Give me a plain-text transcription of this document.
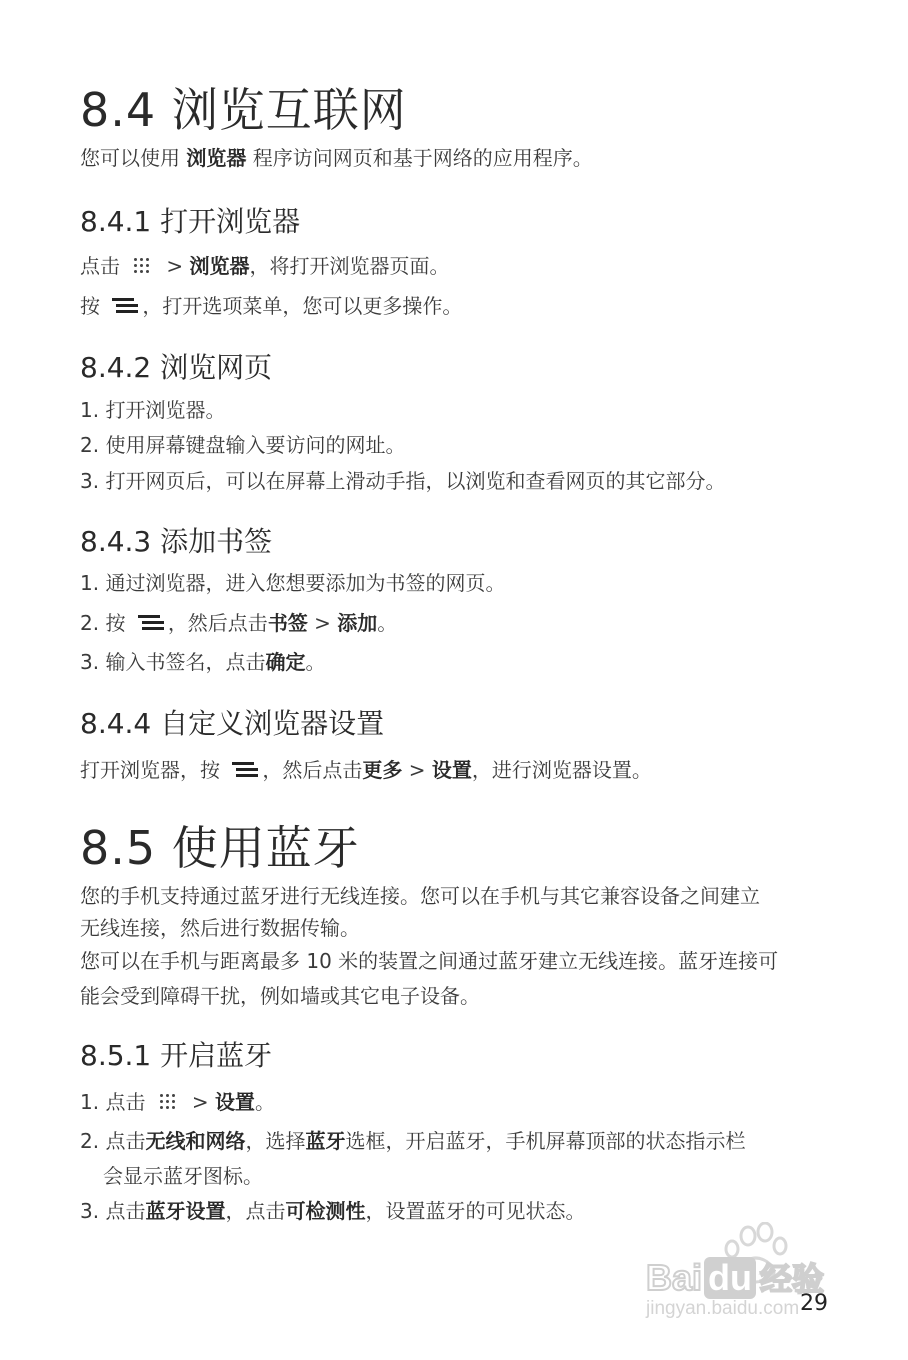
8.4 浏览互联网
您可以使用 浏览器 程序访问网页和基于网络的应用程序。
8.4.1 打开浏览器
点击 > 浏览器，将打开浏览器页面。
按 ，打开选项菜单，您可以更多操作。
8.4.2 浏览网页
1. 打开浏览器。
2. 使用屏幕键盘输入要访问的网址。
3. 打开网页后，可以在屏幕上滑动手指，以浏览和查看网页的其它部分。
8.4.3 添加书签
1. 通过浏览器，进入您想要添加为书签的网页。
2. 按 ，然后点击书签 > 添加。
3. 输入书签名，点击确定。
8.4.4 自定义浏览器设置
打开浏览器，按 ，然后点击更多 > 设置，进行浏览器设置。
8.5 使用蓝牙
您的手机支持通过蓝牙进行无线连接。您可以在手机与其它兼容设备之间建立
无线连接，然后进行数据传输。
您可以在手机与距离最多 10 米的装置之间通过蓝牙建立无线连接。蓝牙连接可
能会受到障碍干扰，例如墙或其它电子设备。
8.5.1 开启蓝牙
1. 点击 > 设置。
2. 点击无线和网络，选择蓝牙选框，开启蓝牙，手机屏幕顶部的状态指示栏
会显示蓝牙图标。
3. 点击蓝牙设置，点击可检测性，设置蓝牙的可见状态。
Bai du 经验
jingyan.baidu.com 29
